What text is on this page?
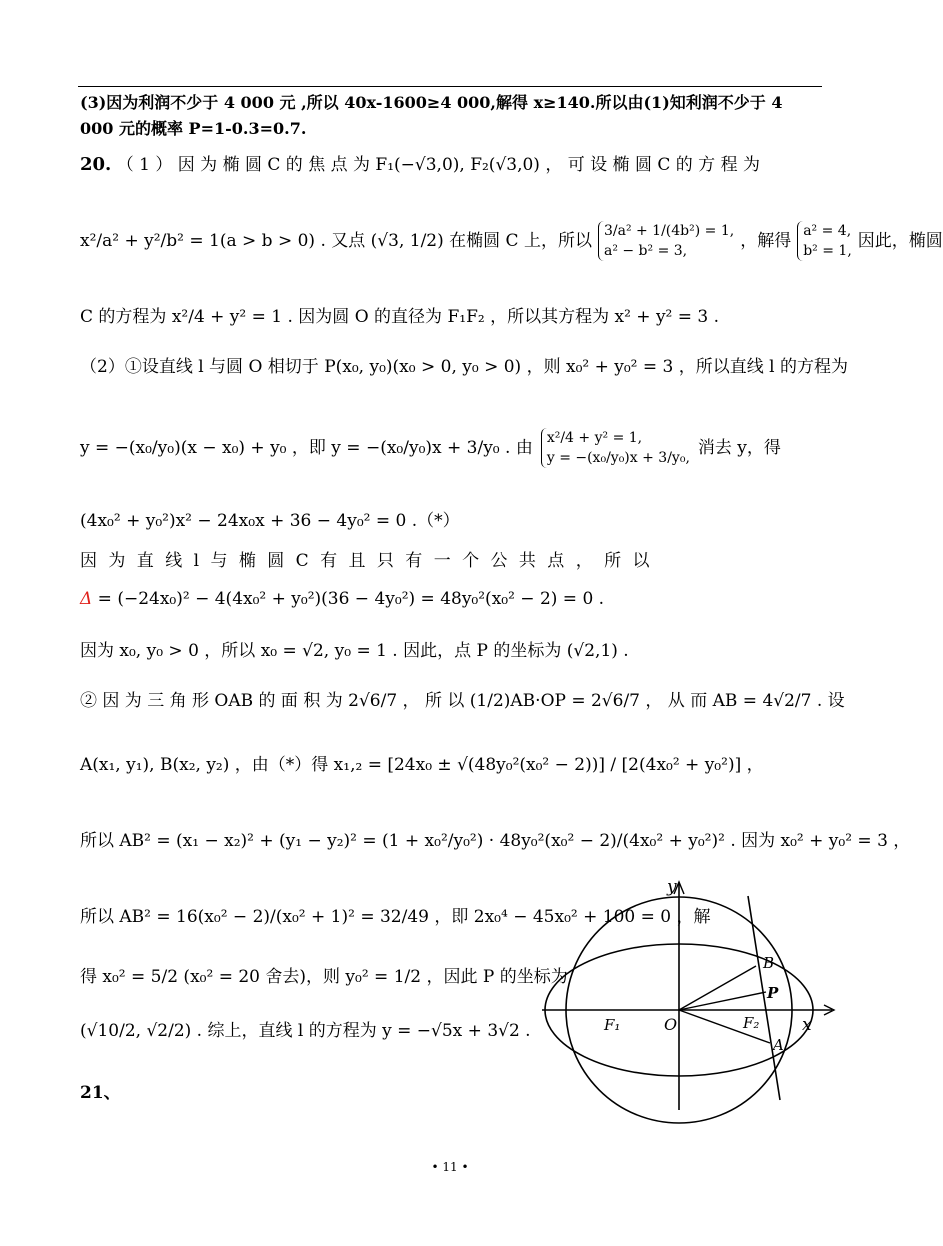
(3)因为利润不少于 4 000 元 ,所以 40x-1600≥4 000,解得 x≥140.所以由(1)知利润不少于 4
000 元的概率 P=1-0.3=0.7.
20. （ 1 ） 因 为 椭 圆 C 的 焦 点 为 F₁(−√3,0), F₂(√3,0) ， 可 设 椭 圆 C 的 方 程 为
x²/a² + y²/b² = 1(a > b > 0) . 又点 (√3, 1/2) 在椭圆 C 上，所以 3/a² + 1/(4b²) = 1,
a² − b² = 3,	，解得 a² = 4,
b² = 1, 因此，椭圆
C 的方程为 x²/4 + y² = 1 . 因为圆 O 的直径为 F₁F₂ ，所以其方程为 x² + y² = 3 .
（2）①设直线 l 与圆 O 相切于 P(x₀, y₀)(x₀ > 0, y₀ > 0) ，则 x₀² + y₀² = 3 ，所以直线 l 的方程为
y = −(x₀/y₀)(x − x₀) + y₀ ，即 y = −(x₀/y₀)x + 3/y₀ . 由 x²/4 + y² = 1,
y = −(x₀/y₀)x + 3/y₀, 消去 y，得
(4x₀² + y₀²)x² − 24x₀x + 36 − 4y₀² = 0 .（*）
因 为 直 线 l 与 椭 圆 C 有 且 只 有 一 个 公 共 点 ， 所 以
Δ = (−24x₀)² − 4(4x₀² + y₀²)(36 − 4y₀²) = 48y₀²(x₀² − 2) = 0 .
因为 x₀, y₀ > 0 ，所以 x₀ = √2, y₀ = 1 . 因此，点 P 的坐标为 (√2,1) .
② 因 为 三 角 形 OAB 的 面 积 为 2√6/7 ， 所 以 (1/2)AB·OP = 2√6/7 ， 从 而 AB = 4√2/7 . 设
A(x₁, y₁), B(x₂, y₂) ，由（*）得 x₁,₂ = [24x₀ ± √(48y₀²(x₀² − 2))] / [2(4x₀² + y₀²)] ，
所以 AB² = (x₁ − x₂)² + (y₁ − y₂)² = (1 + x₀²/y₀²) · 48y₀²(x₀² − 2)/(4x₀² + y₀²)² . 因为 x₀² + y₀² = 3 ，
所以 AB² = 16(x₀² − 2)/(x₀² + 1)² = 32/49 ，即 2x₀⁴ − 45x₀² + 100 = 0 ，解
得 x₀² = 5/2 (x₀² = 20 舍去)，则 y₀² = 1/2 ，因此 P 的坐标为
(√10/2, √2/2) . 综上，直线 l 的方程为 y = −√5x + 3√2 .
21、
y
x
O
F₁	F₂
A
B
P
• 11 •
